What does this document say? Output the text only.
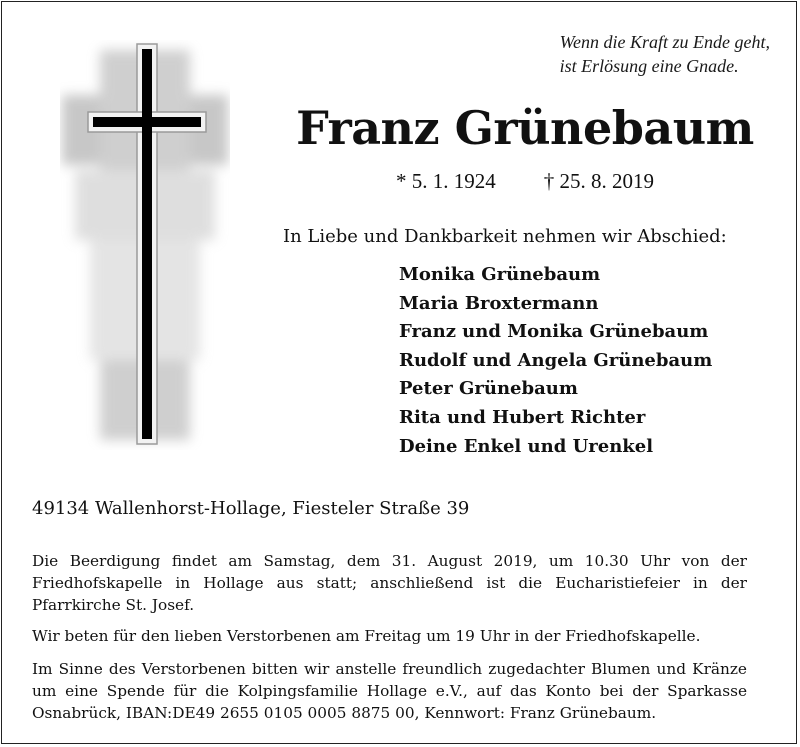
Wenn die Kraft zu Ende geht,
ist Erlösung eine Gnade.
Franz Grünebaum
* 5. 1. 1924 † 25. 8. 2019
In Liebe und Dankbarkeit nehmen wir Abschied:
Monika Grünebaum
Maria Broxtermann
Franz und Monika Grünebaum
Rudolf und Angela Grünebaum
Peter Grünebaum
Rita und Hubert Richter
Deine Enkel und Urenkel
49134 Wallenhorst-Hollage, Fiesteler Straße 39

Die Beerdigung findet am Samstag, dem 31. August 2019, um 10.30 Uhr von der Friedhofskapelle in Hollage aus statt; anschließend ist die Eucharistiefeier in der Pfarrkirche St. Josef.

Wir beten für den lieben Verstorbenen am Freitag um 19 Uhr in der Friedhofskapelle.

Im Sinne des Verstorbenen bitten wir anstelle freundlich zugedachter Blumen und Kränze um eine Spende für die Kolpingsfamilie Hollage e.V., auf das Konto bei der Sparkasse Osnabrück, IBAN:DE49 2655 0105 0005 8875 00, Kennwort: Franz Grünebaum.
